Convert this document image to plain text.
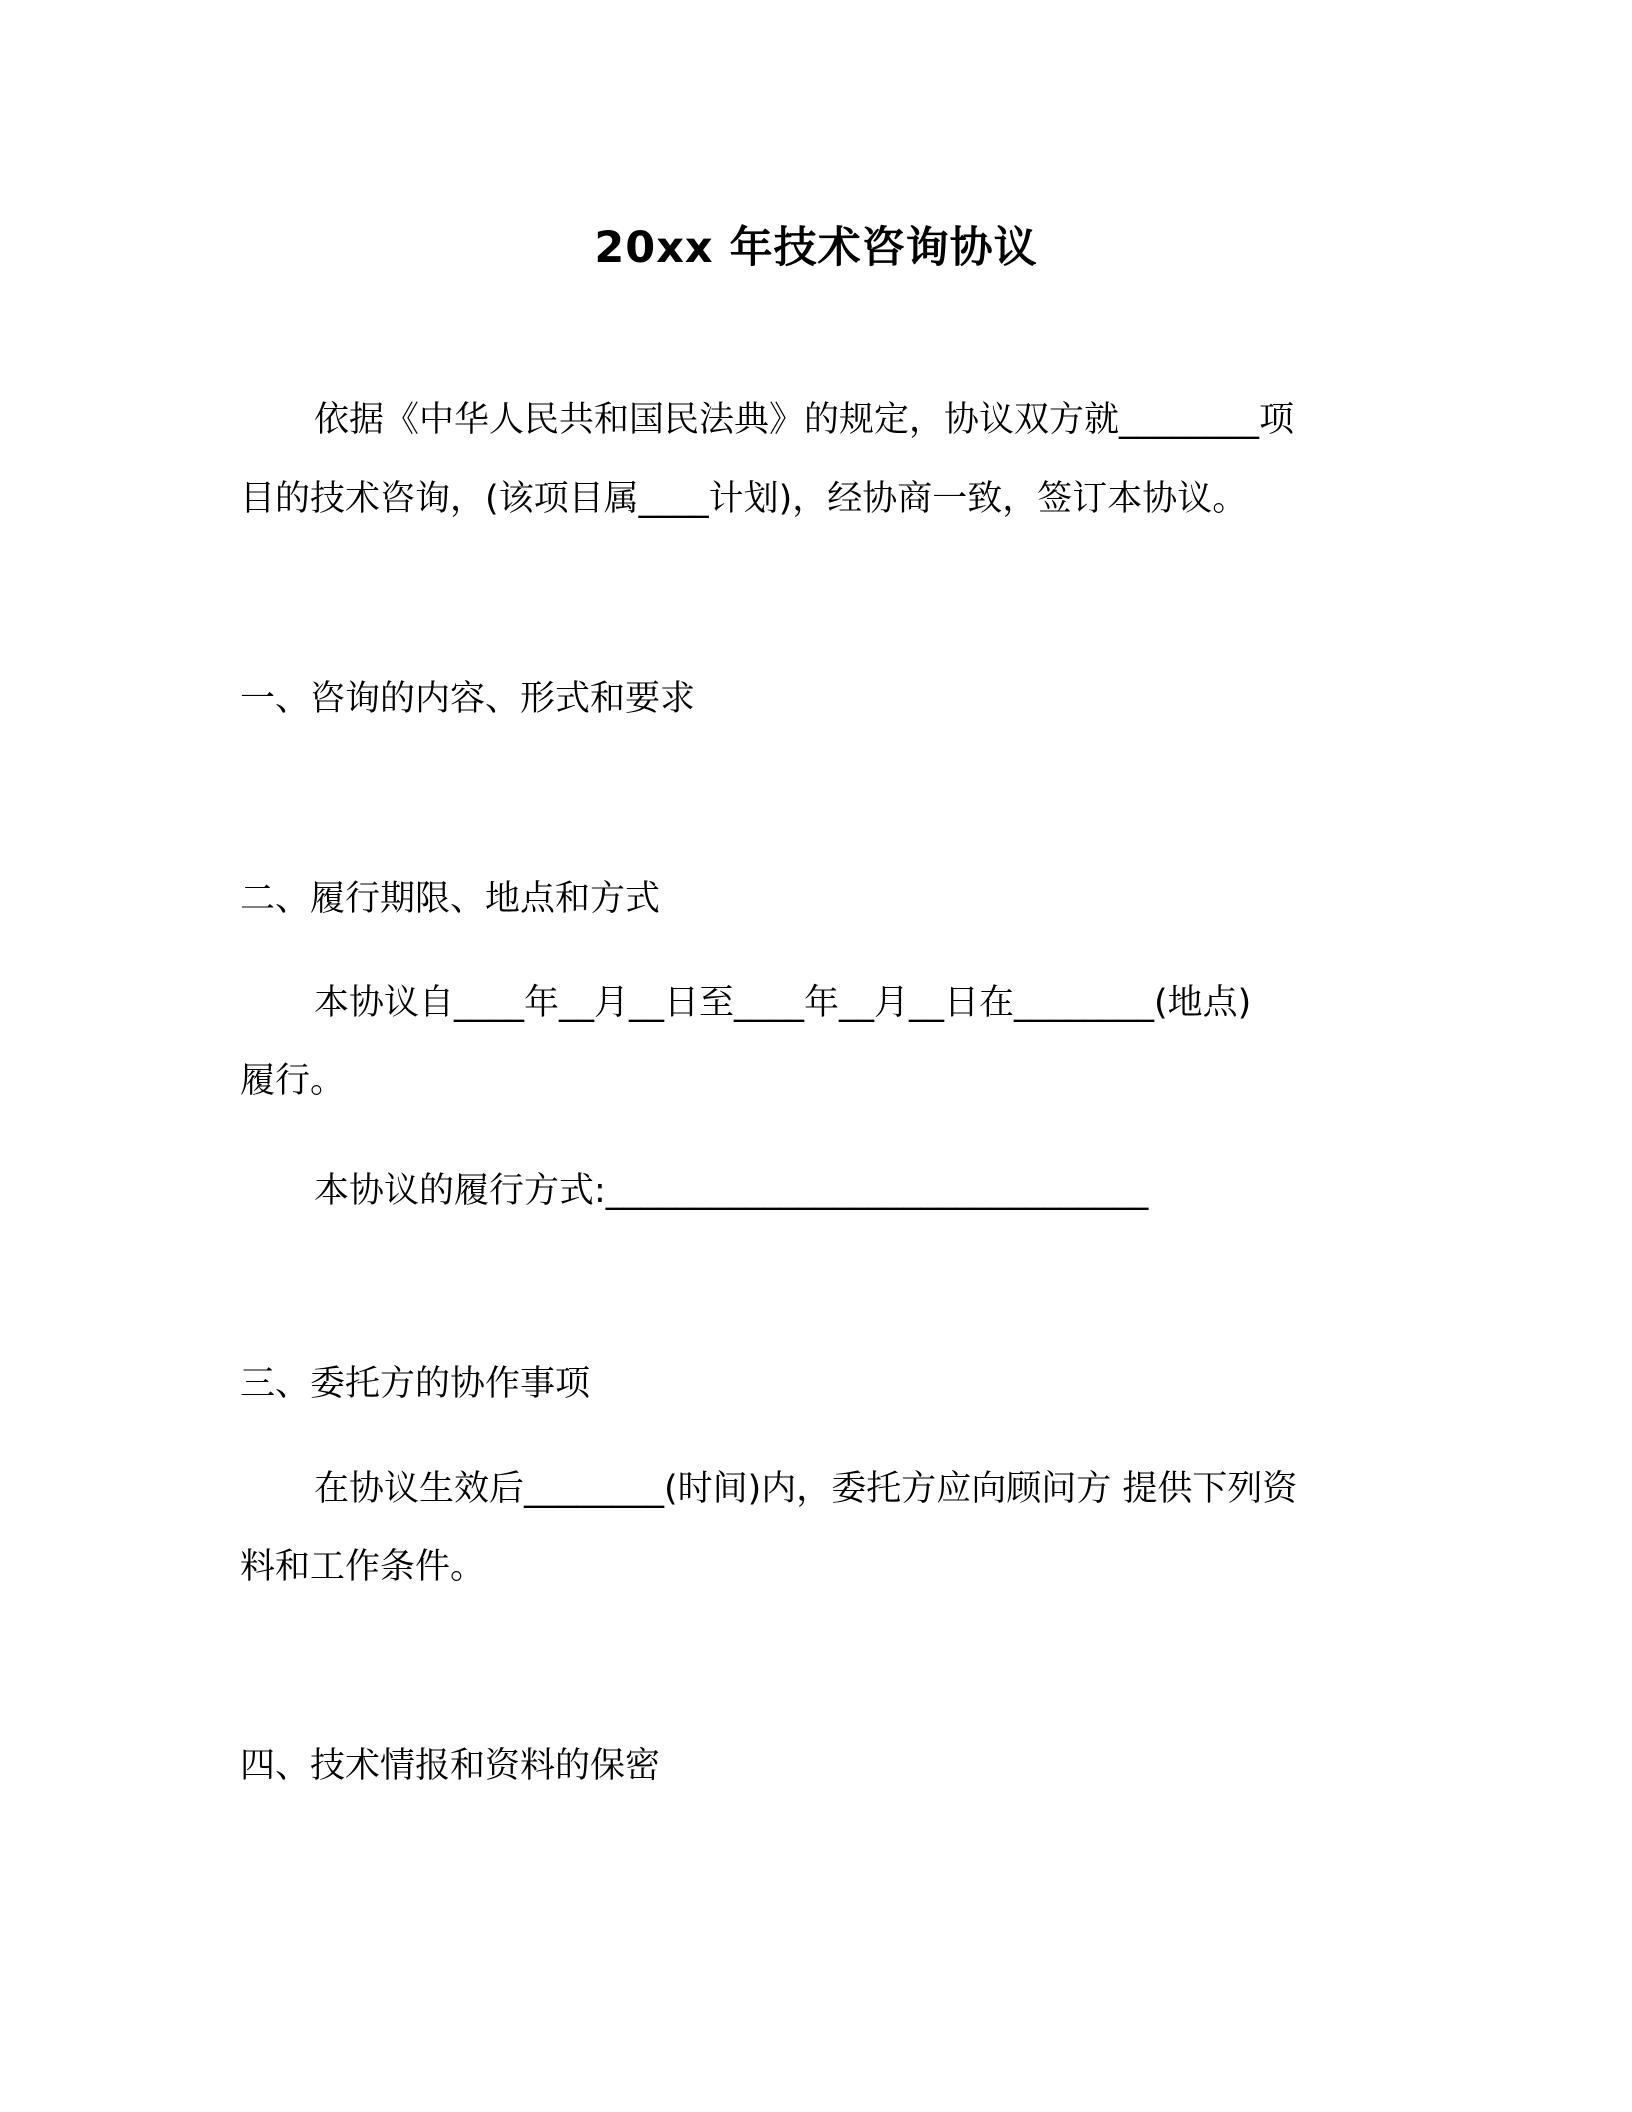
20xx 年技术咨询协议
依据《中华人民共和国民法典》的规定，协议双方就________项
目的技术咨询，(该项目属____计划)，经协商一致，签订本协议。
一、咨询的内容、形式和要求
二、履行期限、地点和方式
本协议自____年__月__日至____年__月__日在________(地点)
履行。
本协议的履行方式:_______________________________
三、委托方的协作事项
在协议生效后________(时间)内，委托方应向顾问方 提供下列资
料和工作条件。
四、技术情报和资料的保密
